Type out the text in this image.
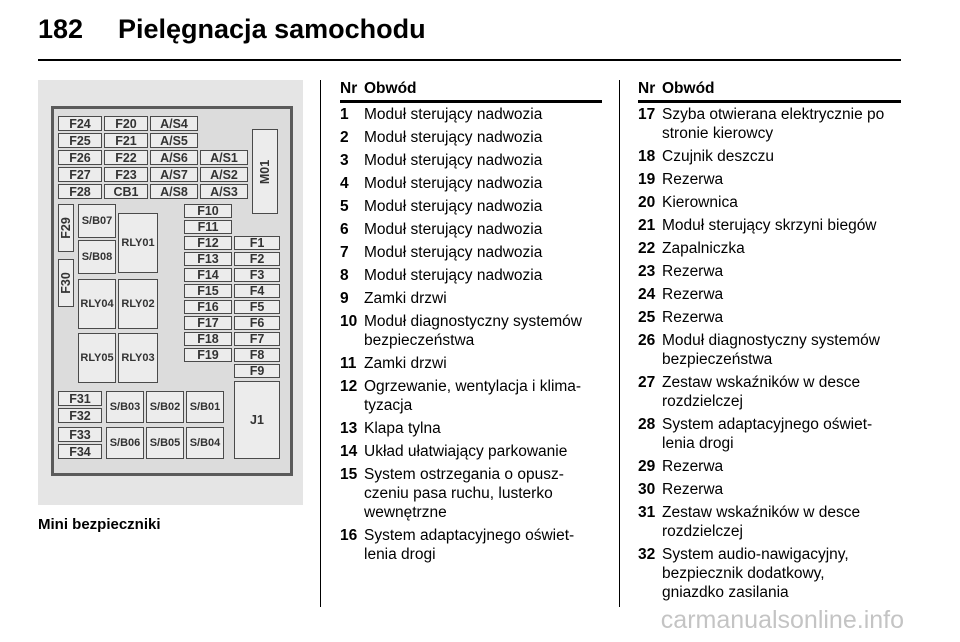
182 Pielęgnacja samochodu
F24 F20 A/S4
F25 F21 A/S5
F26 F22 A/S6 A/S1
F27 F23 A/S7 A/S2
F28 CB1 A/S8 A/S3
M01
F29
F30
S/B07
S/B08
RLY01
F10
F11
F12 F1
F13 F2
F14 F3
F15 F4
F16 F5
F17 F6
F18 F7
F19 F8
F9
RLY04 RLY02
RLY05 RLY03
F31
F32
F33
F34
S/B03 S/B02 S/B01
S/B06 S/B05 S/B04
J1
Mini bezpieczniki
Nr Obwód
1 Moduł sterujący nadwozia
2 Moduł sterujący nadwozia
3 Moduł sterujący nadwozia
4 Moduł sterujący nadwozia
5 Moduł sterujący nadwozia
6 Moduł sterujący nadwozia
7 Moduł sterujący nadwozia
8 Moduł sterujący nadwozia
9 Zamki drzwi
10 Moduł diagnostyczny systemów
bezpieczeństwa
11 Zamki drzwi
12 Ogrzewanie, wentylacja i klima-
tyzacja
13 Klapa tylna
14 Układ ułatwiający parkowanie
15 System ostrzegania o opusz-
czeniu pasa ruchu, lusterko
wewnętrzne
16 System adaptacyjnego oświet-
lenia drogi
Nr Obwód
17 Szyba otwierana elektrycznie po
stronie kierowcy
18 Czujnik deszczu
19 Rezerwa
20 Kierownica
21 Moduł sterujący skrzyni biegów
22 Zapalniczka
23 Rezerwa
24 Rezerwa
25 Rezerwa
26 Moduł diagnostyczny systemów
bezpieczeństwa
27 Zestaw wskaźników w desce
rozdzielczej
28 System adaptacyjnego oświet-
lenia drogi
29 Rezerwa
30 Rezerwa
31 Zestaw wskaźników w desce
rozdzielczej
32 System audio-nawigacyjny,
bezpiecznik dodatkowy,
gniazdko zasilania
carmanualsonline.info
